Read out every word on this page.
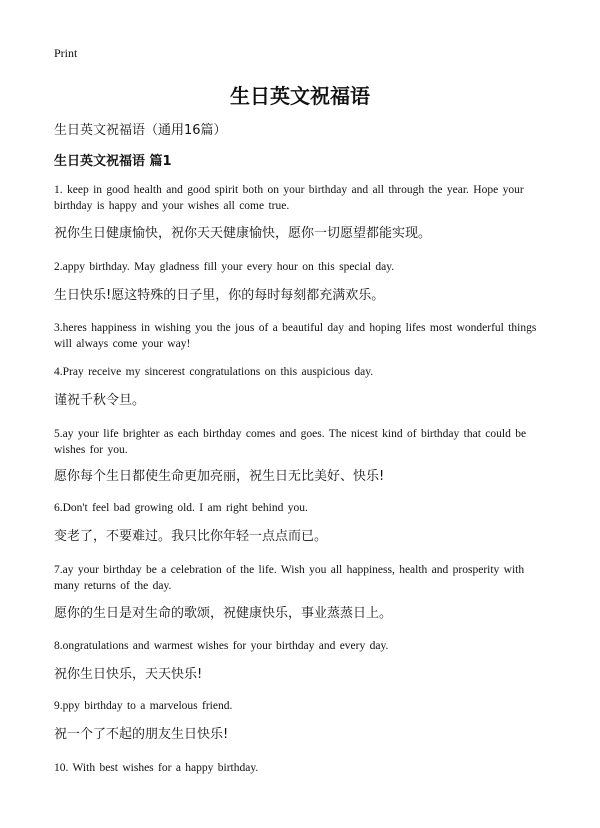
Print
生日英文祝福语
生日英文祝福语（通用16篇）
生日英文祝福语 篇1
1. keep in good health and good spirit both on your birthday and all through the year. Hope your birthday is happy and your wishes all come true.
祝你生日健康愉快，祝你天天健康愉快，愿你一切愿望都能实现。
2.appy birthday. May gladness fill your every hour on this special day.
生日快乐!愿这特殊的日子里，你的每时每刻都充满欢乐。
3.heres happiness in wishing you the jous of a beautiful day and hoping lifes most wonderful things will always come your way!
4.Pray receive my sincerest congratulations on this auspicious day.
谨祝千秋令旦。
5.ay your life brighter as each birthday comes and goes. The nicest kind of birthday that could be wishes for you.
愿你每个生日都使生命更加亮丽，祝生日无比美好、快乐!
6.Don't feel bad growing old. I am right behind you.
变老了，不要难过。我只比你年轻一点点而已。
7.ay your birthday be a celebration of the life. Wish you all happiness, health and prosperity with many returns of the day.
愿你的生日是对生命的歌颂，祝健康快乐，事业蒸蒸日上。
8.ongratulations and warmest wishes for your birthday and every day.
祝你生日快乐，天天快乐!
9.ppy birthday to a marvelous friend.
祝一个了不起的朋友生日快乐!
10. With best wishes for a happy birthday.
